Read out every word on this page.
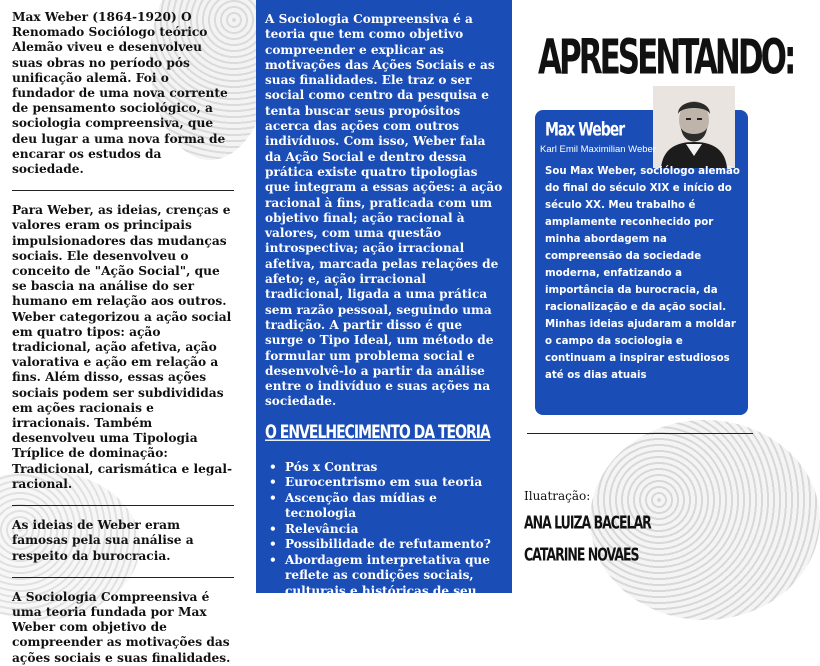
Max Weber (1864-1920) O Renomado Sociólogo teórico Alemão viveu e desenvolveu suas obras no período pós unificação alemã. Foi o fundador de uma nova corrente de pensamento sociológico, a sociologia compreensiva, que deu lugar a uma nova forma de encarar os estudos da sociedade.

Para Weber, as ideias, crenças e valores eram os principais impulsionadores das mudanças sociais. Ele desenvolveu o conceito de "Ação Social", que se bascia na análise do ser humano em relação aos outros. Weber categorizou a ação social em quatro tipos: ação tradicional, ação afetiva, ação valorativa e ação em relação a fins. Além disso, essas ações sociais podem ser subdivididas em ações racionais e irracionais. Também desenvolveu uma Tipologia Tríplice de dominação: Tradicional, carismática e legal-racional.

As ideias de Weber eram famosas pela sua análise a respeito da burocracia.

A Sociologia Compreensiva é uma teoria fundada por Max Weber com objetivo de compreender as motivações das ações sociais e suas finalidades.

A Sociologia Compreensiva é a teoria que tem como objetivo compreender e explicar as motivações das Ações Sociais e as suas finalidades. Ele traz o ser social como centro da pesquisa e tenta buscar seus propósitos acerca das ações com outros indivíduos. Com isso, Weber fala da Ação Social e dentro dessa prática existe quatro tipologias que integram a essas ações: a ação racional à fins, praticada com um objetivo final; ação racional à valores, com uma questão introspectiva; ação irracional afetiva, marcada pelas relações de afeto; e, ação irracional tradicional, ligada a uma prática sem razão pessoal, seguindo uma tradição. A partir disso é que surge o Tipo Ideal, um método de formular um problema social e desenvolvê-lo a partir da análise entre o indivíduo e suas ações na sociedade.

O ENVELHECIMENTO DA TEORIA
• Pós x Contras
• Eurocentrismo em sua teoria
• Ascenção das mídias e tecnologia
• Relevância
• Possibilidade de refutamento?
• Abordagem interpretativa que reflete as condições sociais, culturais e históricas de seu tempo
• Conceitos aplicáveis para compreensão da sociedade
APRESENTANDO:
Max Weber
Karl Emil Maximilian Weber

Sou Max Weber, sociólogo alemão do final do século XIX e início do século XX. Meu trabalho é amplamente reconhecido por minha abordagem na compreensão da sociedade moderna, enfatizando a importância da burocracia, da racionalização e da ação social. Minhas ideias ajudaram a moldar o campo da sociologia e continuam a inspirar estudiosos até os dias atuais

Iluatração:
ANA LUIZA BACELAR
CATARINE NOVAES
